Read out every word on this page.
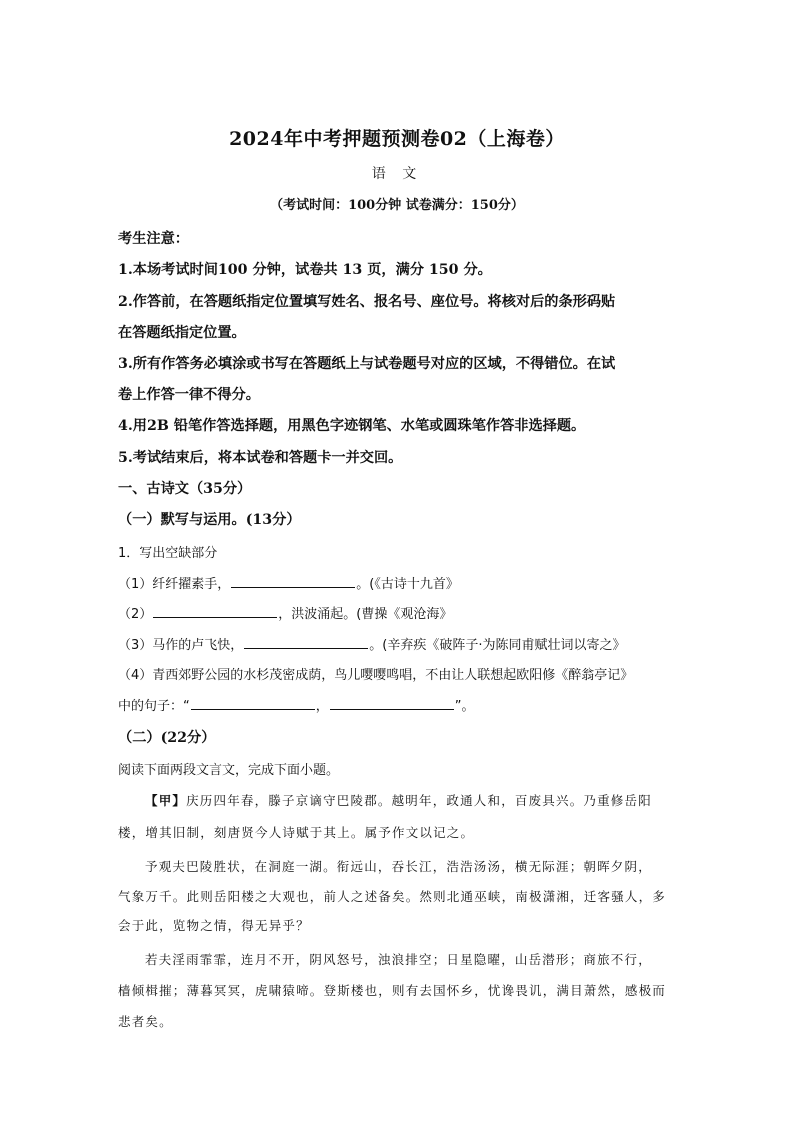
2024年中考押题预测卷02（上海卷）
语 文
（考试时间：100分钟 试卷满分：150分）
考生注意：
1.本场考试时间100 分钟，试卷共 13 页，满分 150 分。
2.作答前，在答题纸指定位置填写姓名、报名号、座位号。将核对后的条形码贴
在答题纸指定位置。
3.所有作答务必填涂或书写在答题纸上与试卷题号对应的区域，不得错位。在试
卷上作答一律不得分。
4.用2B 铅笔作答选择题，用黑色字迹钢笔、水笔或圆珠笔作答非选择题。
5.考试结束后，将本试卷和答题卡一并交回。
一、古诗文（35分）
（一）默写与运用。(13分）
1．写出空缺部分
（1）纤纤擢素手，	。(《古诗十九首》
（2）	，洪波涌起。(曹操《观沧海》
（3）马作的卢飞快，	。(辛弃疾《破阵子·为陈同甫赋壮词以寄之》
（4）青西郊野公园的水杉茂密成荫，鸟儿嘤嘤鸣唱，不由让人联想起欧阳修《醉翁亭记》
中的句子：“	，	”。
（二）(22分）
阅读下面两段文言文，完成下面小题。
【甲】庆历四年春，滕子京谪守巴陵郡。越明年，政通人和，百废具兴。乃重修岳阳
楼，增其旧制，刻唐贤今人诗赋于其上。属予作文以记之。
予观夫巴陵胜状，在洞庭一湖。衔远山，吞长江，浩浩汤汤，横无际涯；朝晖夕阴，
气象万千。此则岳阳楼之大观也，前人之述备矣。然则北通巫峡，南极潇湘，迁客骚人，多
会于此，览物之情，得无异乎？
若夫淫雨霏霏，连月不开，阴风怒号，浊浪排空；日星隐曜，山岳潜形；商旅不行，
樯倾楫摧；薄暮冥冥，虎啸猿啼。登斯楼也，则有去国怀乡，忧谗畏讥，满目萧然，感极而
悲者矣。
